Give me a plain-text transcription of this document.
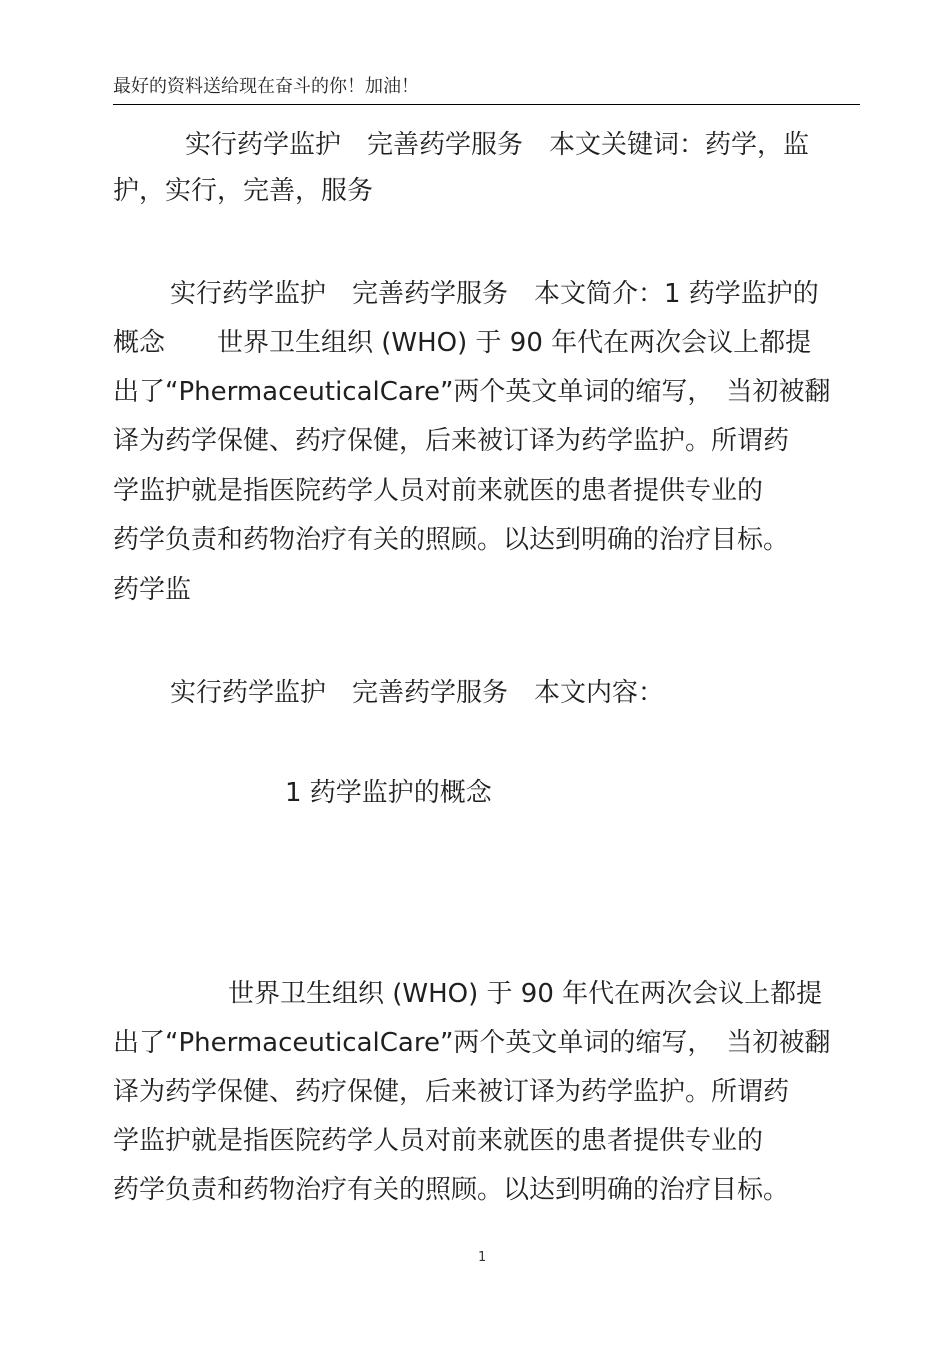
最好的资料送给现在奋斗的你！加油！
实行药学监护　完善药学服务　本文关键词：药学，监
护，实行，完善，服务
实行药学监护　完善药学服务　本文简介：1 药学监护的
概念　　世界卫生组织 (WHO) 于 90 年代在两次会议上都提
出了“PhermaceuticalCare”两个英文单词的缩写，　当初被翻
译为药学保健、药疗保健，后来被订译为药学监护。所谓药
学监护就是指医院药学人员对前来就医的患者提供专业的
药学负责和药物治疗有关的照顾。以达到明确的治疗目标。
药学监
实行药学监护　完善药学服务　本文内容：
1 药学监护的概念
世界卫生组织 (WHO) 于 90 年代在两次会议上都提
出了“PhermaceuticalCare”两个英文单词的缩写，　当初被翻
译为药学保健、药疗保健，后来被订译为药学监护。所谓药
学监护就是指医院药学人员对前来就医的患者提供专业的
药学负责和药物治疗有关的照顾。以达到明确的治疗目标。
1
